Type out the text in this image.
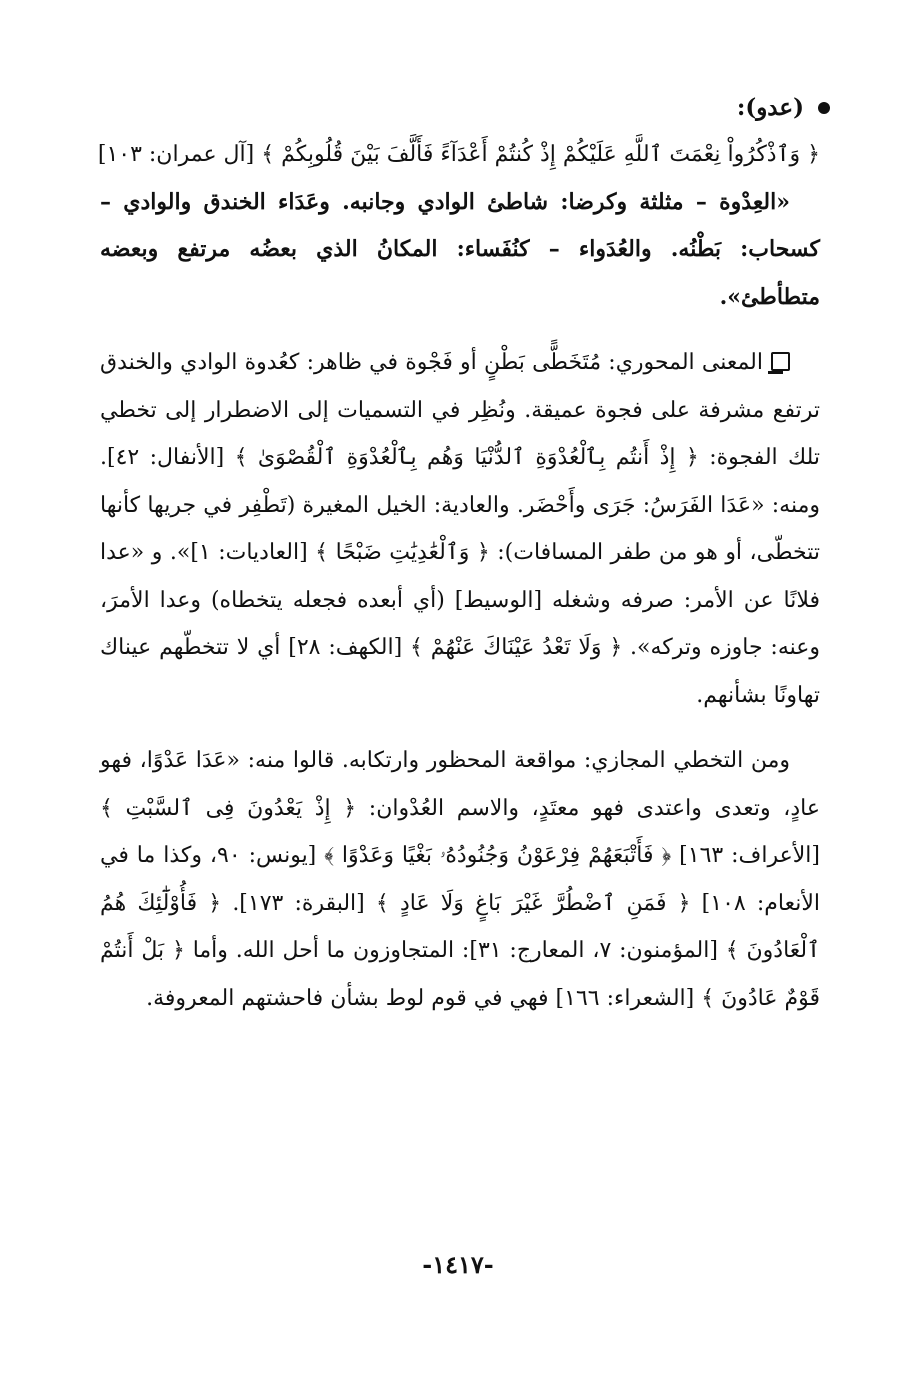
(عدو):

﴿ وَٱذْكُرُواْ نِعْمَتَ ٱللَّهِ عَلَيْكُمْ إِذْ كُنتُمْ أَعْدَآءً فَأَلَّفَ بَيْنَ قُلُوبِكُمْ ﴾ [آل عمران: ١٠٣]

«العِدْوة – مثلثة وكرضا: شاطئ الوادي وجانبه. وعَدَاء الخندق والوادي – كسحاب: بَطْنُه. والعُدَواء – كنُفَساء: المكانُ الذي بعضُه مرتفع وبعضه متطأطئ».

المعنى المحوري: مُتَخَطًّى بَطْنٍ أو فَجْوة في ظاهر: كعُدوة الوادي والخندق ترتفع مشرفة على فجوة عميقة. ونُظِر في التسميات إلى الاضطرار إلى تخطي تلك الفجوة: ﴿ إِذْ أَنتُم بِٱلْعُدْوَةِ ٱلدُّنْيَا وَهُم بِٱلْعُدْوَةِ ٱلْقُصْوَىٰ ﴾ [الأنفال: ٤٢]. ومنه: «عَدَا الفَرَسُ: جَرَى وأَحْضَر. والعادية: الخيل المغيرة (تَطْفِر في جريها كأنها تتخطّى، أو هو من طفر المسافات): ﴿ وَٱلْعَٰدِيَٰتِ ضَبْحًا ﴾ [العاديات: ١]». و «عدا فلانًا عن الأمر: صرفه وشغله [الوسيط] (أي أبعده فجعله يتخطاه) وعدا الأمرَ، وعنه: جاوزه وتركه». ﴿ وَلَا تَعْدُ عَيْنَاكَ عَنْهُمْ ﴾ [الكهف: ٢٨] أي لا تتخطّهم عيناك تهاونًا بشأنهم.

ومن التخطي المجازي: مواقعة المحظور وارتكابه. قالوا منه: «عَدَا عَدْوًا، فهو عادٍ، وتعدى واعتدى فهو معتَدٍ، والاسم العُدْوان: ﴿ إِذْ يَعْدُونَ فِى ٱلسَّبْتِ ﴾ [الأعراف: ١٦٣] ﴿ فَأَتْبَعَهُمْ فِرْعَوْنُ وَجُنُودُهُۥ بَغْيًا وَعَدْوًا ﴾ [يونس: ٩٠، وكذا ما في الأنعام: ١٠٨] ﴿ فَمَنِ ٱضْطُرَّ غَيْرَ بَاغٍ وَلَا عَادٍ ﴾ [البقرة: ١٧٣]. ﴿ فَأُوْلَٰٓئِكَ هُمُ ٱلْعَادُونَ ﴾ [المؤمنون: ٧، المعارج: ٣١]: المتجاوزون ما أحل الله. وأما ﴿ بَلْ أَنتُمْ قَوْمٌ عَادُونَ ﴾ [الشعراء: ١٦٦] فهي في قوم لوط بشأن فاحشتهم المعروفة.

-١٤١٧-
